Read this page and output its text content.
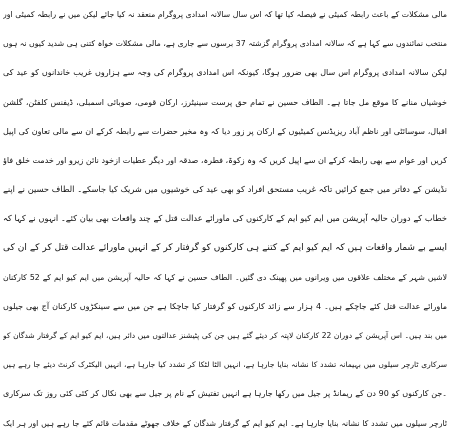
مالی مشکلات کے باعث رابطہ کمیٹی نے فیصلہ کیا تھا کہ اس سال سالانہ امدادی پروگرام منعقد نہ کیا جائے لیکن میں نے رابطہ کمیٹی اور
منتخب نمائندوں سے کہا ہے کہ سالانہ امدادی پروگرام گزشتہ 37 برسوں سے جاری ہے، مالی مشکلات خواہ کتنی ہی شدید کیوں نہ ہوں
لیکن سالانہ امدادی پروگرام اس سال بھی ضرور ہوگا، کیونکہ اس امدادی پروگرام کی وجہ سے ہزاروں غریب خاندانوں کو عید کی
خوشیاں منانے کا موقع مل جاتا ہے۔ الطاف حسین نے تمام حق پرست سینیٹرز، ارکان قومی، صوبائی اسمبلی، ڈیفنس کلفٹن، گلشن
اقبال، سوسائٹی اور ناظم آباد ریزیڈنس کمیٹیوں کے ارکان پر زور دیا کہ وہ مخیر حضرات سے رابطہ کرکے ان سے مالی تعاون کی اپیل
کریں اور عوام سے بھی رابطہ کرکے ان سے اپیل کریں کہ وہ زکوۃ، فطرہ، صدقہ اور دیگر عطیات ازخود نائن زیرو اور خدمت خلق فاؤ
نڈیشن کے دفاتر میں جمع کرائیں تاکہ غریب مستحق افراد کو بھی عید کی خوشیوں میں شریک کیا جاسکے۔ الطاف حسین نے اپنے
خطاب کے دوران حالیہ آپریشن میں ایم کیو ایم کے کارکنوں کی ماورائے عدالت قتل کے چند واقعات بھی بیان کئے۔ انہوں نے کہا کہ
ایسے بے شمار واقعات ہیں کہ ایم کیو ایم کے کتنے ہی کارکنوں کو گرفتار کر کے انہیں ماورائے عدالت قتل کر کے ان کی
لاشیں شہر کے مختلف علاقوں میں ویرانوں میں پھینک دی گئیں۔ الطاف حسین نے کہا کہ حالیہ آپریشن میں ایم کیو ایم کے 52 کارکنان
ماورائے عدالت قتل کئے جاچکے ہیں۔ 4 ہزار سے زائد کارکنوں کو گرفتار کیا جاچکا ہے جن میں سے سینکڑوں کارکنان آج بھی جیلوں
میں بند ہیں۔ اس آپریشن کے دوران 22 کارکنان لاپتہ کر دیئے گئے ہیں جن کی پٹیشنز عدالتوں میں دائر ہیں، ایم کیو ایم کے گرفتار شدگان کو
سرکاری ٹارچر سیلوں میں بہیمانہ تشدد کا نشانہ بنایا جارہا ہے، انہیں الٹا لٹکا کر تشدد کیا جارہا ہے، انہیں الیکٹرک کرنٹ دیئے جا رہے ہیں
۔جن کارکنوں کو 90 دن کے ریمانڈ پر جیل میں رکھا جارہا ہے انہیں تفتیش کے نام پر جیل سے بھی نکال کر کئی کئی روز تک سرکاری
ٹارچر سیلوں میں تشدد کا نشانہ بنایا جارہا ہے۔ ایم کیو ایم کے گرفتار شدگان کے خلاف جھوٹے مقدمات قائم کئے جا رہے ہیں اور ہر ایک
